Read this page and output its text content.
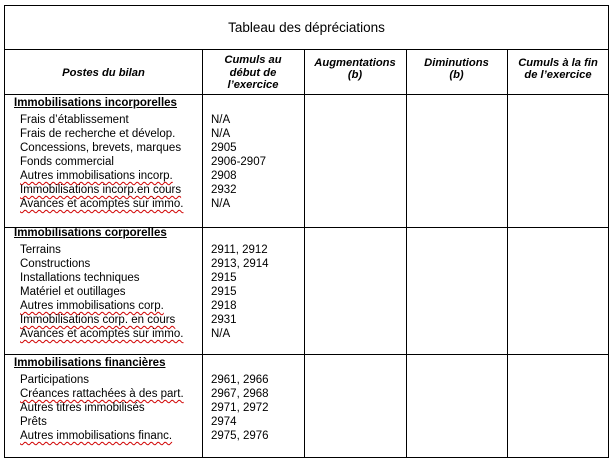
Tableau des dépréciations
Postes du bilan
Cumuls au
début de
l’exercice
Augmentations
(b)
Diminutions
(b)
Cumuls à la fin
de l’exercice
Immobilisations incorporelles
Frais d’établissement	N/A
Frais de recherche et dévelop.	N/A
Concessions, brevets, marques	2905
Fonds commercial	2906-2907
Autres immobilisations incorp.	2908
Immobilisations incorp.en cours	2932
Avances et acomptes sur immo. N/A
Immobilisations corporelles
Terrains	2911, 2912
Constructions	2913, 2914
Installations techniques	2915
Matériel et outillages	2915
Autres immobilisations corp.	2918
Immobilisations corp. en cours	2931
Avances et acomptes sur immo. N/A
Immobilisations financières
Participations	2961, 2966
Créances rattachées à des part. 2967, 2968
Autres titres immobilisés	2971, 2972
Prêts	2974
Autres immobilisations financ.	2975, 2976
